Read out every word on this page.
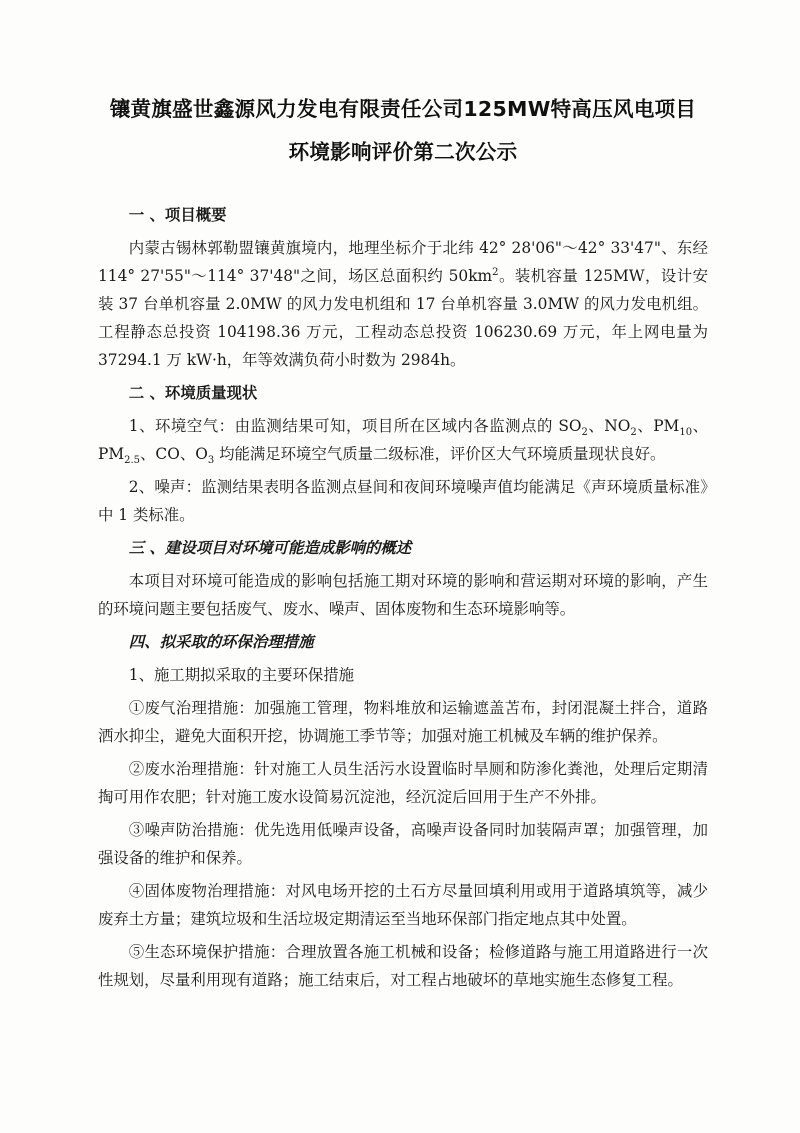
镶黄旗盛世鑫源风力发电有限责任公司125MW特高压风电项目
环境影响评价第二次公示

一 、项目概要

内蒙古锡林郭勒盟镶黄旗境内，地理坐标介于北纬 42° 28'06"～42° 33'47"、东经 114° 27'55"～114° 37'48"之间，场区总面积约 $50km^2$。装机容量 125MW，设计安装 37 台单机容量 2.0MW 的风力发电机组和 17 台单机容量 3.0MW 的风力发电机组。工程静态总投资 104198.36 万元，工程动态总投资 106230.69 万元，年上网电量为 37294.1 万 kW·h，年等效满负荷小时数为 2984h。

二 、环境质量现状

1、环境空气：由监测结果可知，项目所在区域内各监测点的 $SO_2$、$NO_2$、$PM_{10}$、$PM_{2.5}$、CO、$O_3$ 均能满足环境空气质量二级标准，评价区大气环境质量现状良好。

2、噪声：监测结果表明各监测点昼间和夜间环境噪声值均能满足《声环境质量标准》中 1 类标准。

三 、建设项目对环境可能造成影响的概述

本项目对环境可能造成的影响包括施工期对环境的影响和营运期对环境的影响，产生的环境问题主要包括废气、废水、噪声、固体废物和生态环境影响等。

四、拟采取的环保治理措施

1、施工期拟采取的主要环保措施

①废气治理措施：加强施工管理，物料堆放和运输遮盖苫布，封闭混凝土拌合，道路洒水抑尘，避免大面积开挖，协调施工季节等；加强对施工机械及车辆的维护保养。

②废水治理措施：针对施工人员生活污水设置临时旱厕和防渗化粪池，处理后定期清掏可用作农肥；针对施工废水设简易沉淀池，经沉淀后回用于生产不外排。

③噪声防治措施：优先选用低噪声设备，高噪声设备同时加装隔声罩；加强管理，加强设备的维护和保养。

④固体废物治理措施：对风电场开挖的土石方尽量回填利用或用于道路填筑等，减少废弃土方量；建筑垃圾和生活垃圾定期清运至当地环保部门指定地点其中处置。

⑤生态环境保护措施：合理放置各施工机械和设备；检修道路与施工用道路进行一次性规划，尽量利用现有道路；施工结束后，对工程占地破坏的草地实施生态修复工程。
